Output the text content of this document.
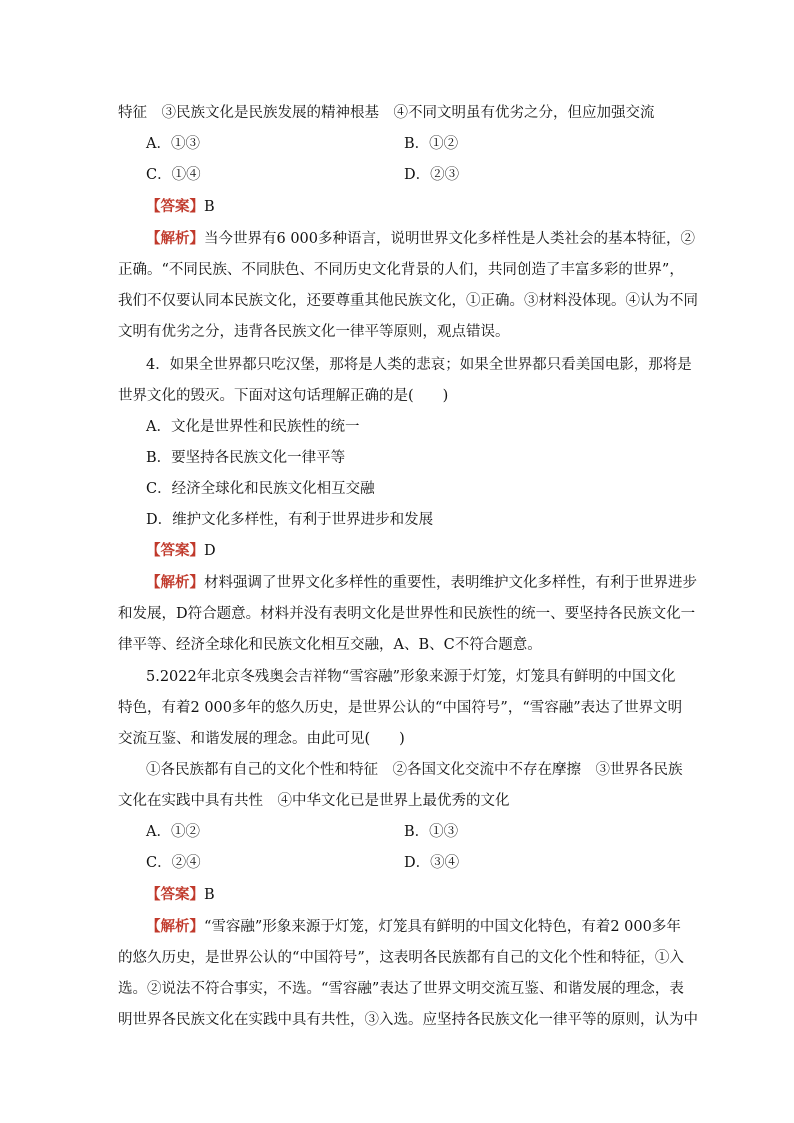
特征　③民族文化是民族发展的精神根基　④不同文明虽有优劣之分，但应加强交流
A．①③	B．①②
C．①④	D．②③
【答案】B
【解析】当今世界有6 000多种语言，说明世界文化多样性是人类社会的基本特征，②
正确。“不同民族、不同肤色、不同历史文化背景的人们，共同创造了丰富多彩的世界”，
我们不仅要认同本民族文化，还要尊重其他民族文化，①正确。③材料没体现。④认为不同
文明有优劣之分，违背各民族文化一律平等原则，观点错误。
4．如果全世界都只吃汉堡，那将是人类的悲哀；如果全世界都只看美国电影，那将是
世界文化的毁灭。下面对这句话理解正确的是(　　)
A．文化是世界性和民族性的统一
B．要坚持各民族文化一律平等
C．经济全球化和民族文化相互交融
D．维护文化多样性，有利于世界进步和发展
【答案】D
【解析】材料强调了世界文化多样性的重要性，表明维护文化多样性，有利于世界进步
和发展，D符合题意。材料并没有表明文化是世界性和民族性的统一、要坚持各民族文化一
律平等、经济全球化和民族文化相互交融，A、B、C不符合题意。
5.2022年北京冬残奥会吉祥物“雪容融”形象来源于灯笼，灯笼具有鲜明的中国文化
特色，有着2 000多年的悠久历史，是世界公认的“中国符号”，“雪容融”表达了世界文明
交流互鉴、和谐发展的理念。由此可见(　　)
①各民族都有自己的文化个性和特征　②各国文化交流中不存在摩擦　③世界各民族
文化在实践中具有共性　④中华文化已是世界上最优秀的文化
A．①②	B．①③
C．②④	D．③④
【答案】B
【解析】“雪容融”形象来源于灯笼，灯笼具有鲜明的中国文化特色，有着2 000多年
的悠久历史，是世界公认的“中国符号”，这表明各民族都有自己的文化个性和特征，①入
选。②说法不符合事实，不选。“雪容融”表达了世界文明交流互鉴、和谐发展的理念，表
明世界各民族文化在实践中具有共性，③入选。应坚持各民族文化一律平等的原则，认为中
